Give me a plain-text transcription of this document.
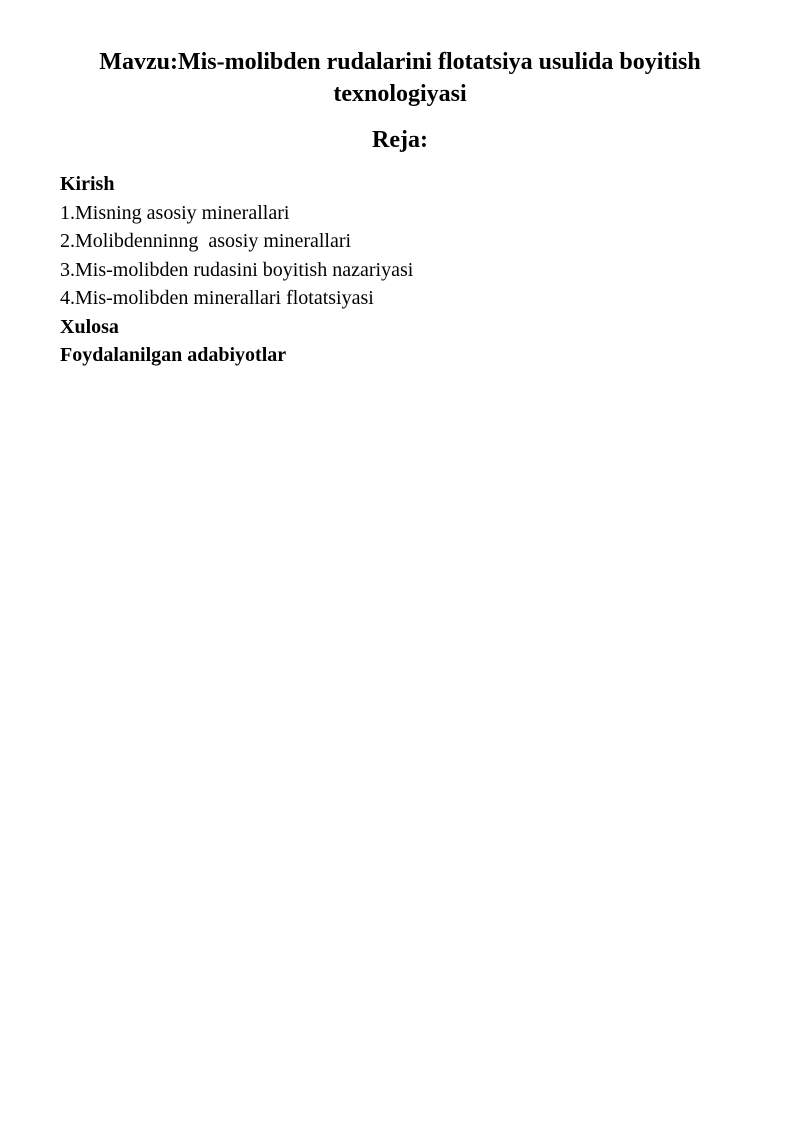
Mavzu:Mis-molibden rudalarini flotatsiya usulida boyitish texnologiyasi
Reja:
Kirish
1.Misning asosiy minerallari
2.Molibdenninng  asosiy minerallari
3.Mis-molibden rudasini boyitish nazariyasi
4.Mis-molibden minerallari flotatsiyasi
Xulosa
Foydalanilgan adabiyotlar
